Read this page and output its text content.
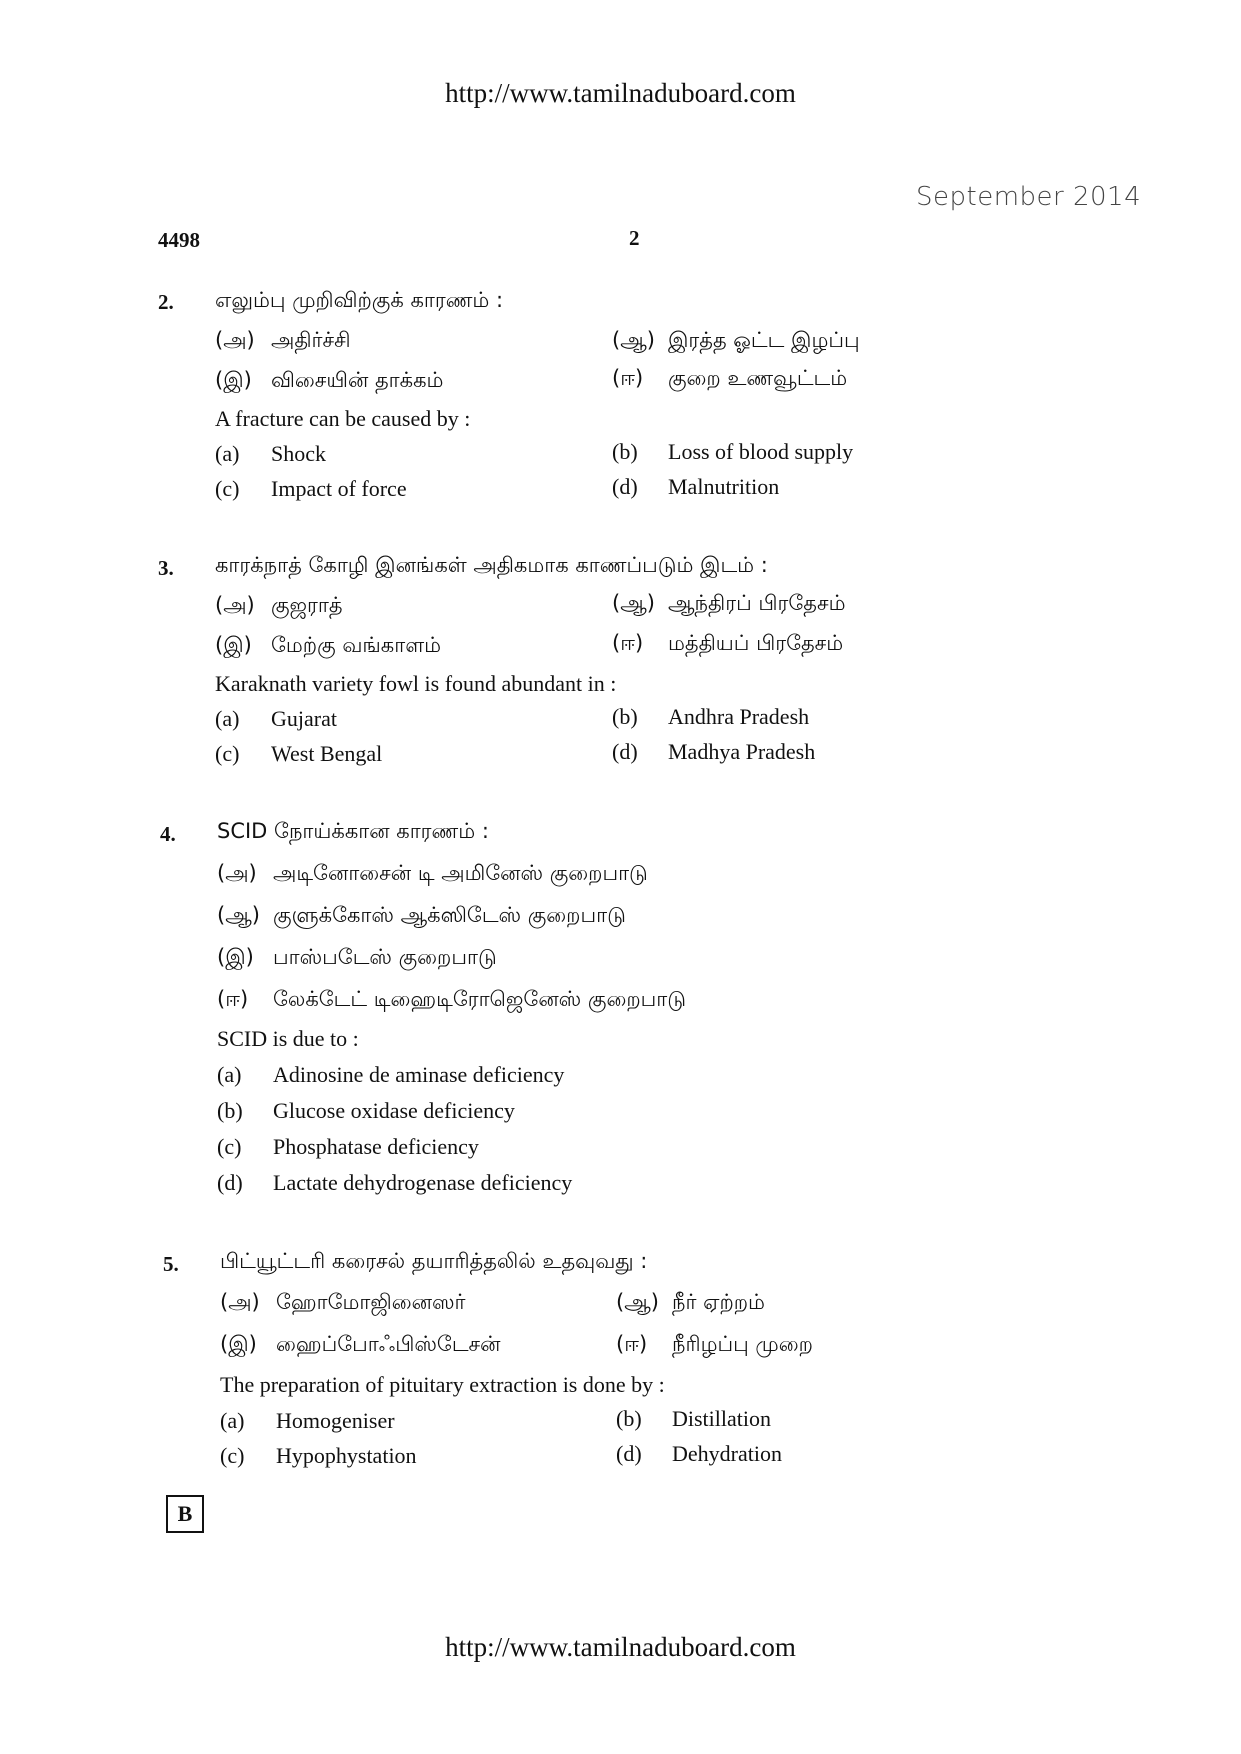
http://www.tamilnaduboard.com
September 2014
4498	2
2. எலும்பு முறிவிற்குக் காரணம் :
(அ) அதிர்ச்சி	(ஆ) இரத்த ஓட்ட இழப்பு
(இ) விசையின் தாக்கம்	(ஈ) குறை உணவூட்டம்
A fracture can be caused by :
(a) Shock	(b) Loss of blood supply
(c) Impact of force	(d) Malnutrition
3. காரக்நாத் கோழி இனங்கள் அதிகமாக காணப்படும் இடம் :
(அ) குஜராத்	(ஆ) ஆந்திரப் பிரதேசம்
(இ) மேற்கு வங்காளம்	(ஈ) மத்தியப் பிரதேசம்
Karaknath variety fowl is found abundant in :
(a) Gujarat	(b) Andhra Pradesh
(c) West Bengal	(d) Madhya Pradesh
4. SCID நோய்க்கான காரணம் :
(அ) அடினோசைன் டி அமினேஸ் குறைபாடு
(ஆ) குளுக்கோஸ் ஆக்ஸிடேஸ் குறைபாடு
(இ) பாஸ்படேஸ் குறைபாடு
(ஈ) லேக்டேட் டிஹைடிரோஜெனேஸ் குறைபாடு
SCID is due to :
(a) Adinosine de aminase deficiency
(b) Glucose oxidase deficiency
(c) Phosphatase deficiency
(d) Lactate dehydrogenase deficiency
5. பிட்யூட்டரி கரைசல் தயாரித்தலில் உதவுவது :
(அ) ஹோமோஜினைஸர்	(ஆ) நீர் ஏற்றம்
(இ) ஹைப்போஃபிஸ்டேசன்	(ஈ) நீரிழப்பு முறை
The preparation of pituitary extraction is done by :
(a) Homogeniser	(b) Distillation
(c) Hypophystation	(d) Dehydration
B
http://www.tamilnaduboard.com
